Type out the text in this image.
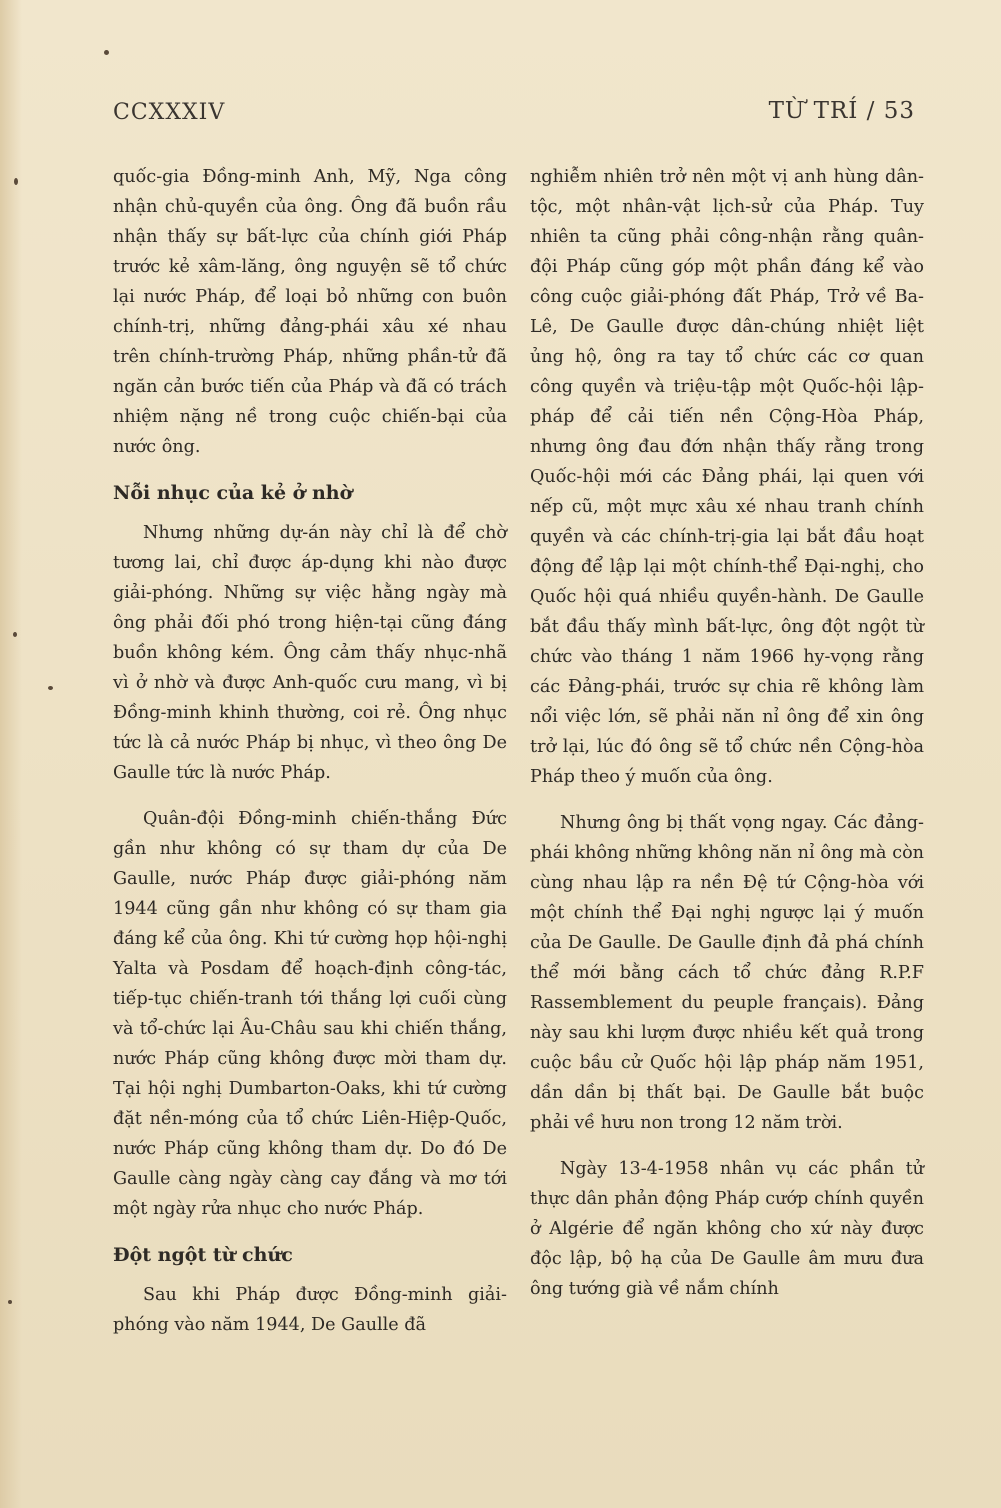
CCXXXIV	TỪ TRÍ / 53

quốc-gia Đồng-minh Anh, Mỹ, Nga công nhận chủ-quyền của ông. Ông đã buồn rầu nhận thấy sự bất-lực của chính giới Pháp trước kẻ xâm-lăng, ông nguyện sẽ tổ chức lại nước Pháp, để loại bỏ những con buôn chính-trị, những đảng-phái xâu xé nhau trên chính-trường Pháp, những phần-tử đã ngăn cản bước tiến của Pháp và đã có trách nhiệm nặng nề trong cuộc chiến-bại của nước ông.

Nỗi nhục của kẻ ở nhờ

Nhưng những dự-án này chỉ là để chờ tương lai, chỉ được áp-dụng khi nào được giải-phóng. Những sự việc hằng ngày mà ông phải đối phó trong hiện-tại cũng đáng buồn không kém. Ông cảm thấy nhục-nhã vì ở nhờ và được Anh-quốc cưu mang, vì bị Đồng-minh khinh thường, coi rẻ. Ông nhục tức là cả nước Pháp bị nhục, vì theo ông De Gaulle tức là nước Pháp.

Quân-đội Đồng-minh chiến-thắng Đức gần như không có sự tham dự của De Gaulle, nước Pháp được giải-phóng năm 1944 cũng gần như không có sự tham gia đáng kể của ông. Khi tứ cường họp hội-nghị Yalta và Posdam để hoạch-định công-tác, tiếp-tục chiến-tranh tới thắng lợi cuối cùng và tổ-chức lại Âu-Châu sau khi chiến thắng, nước Pháp cũng không được mời tham dự. Tại hội nghị Dumbarton-Oaks, khi tứ cường đặt nền-móng của tổ chức Liên-Hiệp-Quốc, nước Pháp cũng không tham dự. Do đó De Gaulle càng ngày càng cay đắng và mơ tới một ngày rửa nhục cho nước Pháp.

Đột ngột từ chức

Sau khi Pháp được Đồng-minh giải-phóng vào năm 1944, De Gaulle đã

nghiễm nhiên trở nên một vị anh hùng dân-tộc, một nhân-vật lịch-sử của Pháp. Tuy nhiên ta cũng phải công-nhận rằng quân-đội Pháp cũng góp một phần đáng kể vào công cuộc giải-phóng đất Pháp, Trở về Ba-Lê, De Gaulle được dân-chúng nhiệt liệt ủng hộ, ông ra tay tổ chức các cơ quan công quyền và triệu-tập một Quốc-hội lập-pháp để cải tiến nền Cộng-Hòa Pháp, nhưng ông đau đớn nhận thấy rằng trong Quốc-hội mới các Đảng phái, lại quen với nếp cũ, một mực xâu xé nhau tranh chính quyền và các chính-trị-gia lại bắt đầu hoạt động để lập lại một chính-thể Đại-nghị, cho Quốc hội quá nhiều quyền-hành. De Gaulle bắt đầu thấy mình bất-lực, ông đột ngột từ chức vào tháng 1 năm 1966 hy-vọng rằng các Đảng-phái, trước sự chia rẽ không làm nổi việc lớn, sẽ phải năn nỉ ông để xin ông trở lại, lúc đó ông sẽ tổ chức nền Cộng-hòa Pháp theo ý muốn của ông.

Nhưng ông bị thất vọng ngay. Các đảng-phái không những không năn nỉ ông mà còn cùng nhau lập ra nền Đệ tứ Cộng-hòa với một chính thể Đại nghị ngược lại ý muốn của De Gaulle. De Gaulle định đả phá chính thể mới bằng cách tổ chức đảng R.P.F Rassemblement du peuple français). Đảng này sau khi lượm được nhiều kết quả trong cuộc bầu cử Quốc hội lập pháp năm 1951, dần dần bị thất bại. De Gaulle bắt buộc phải về hưu non trong 12 năm trời.

Ngày 13-4-1958 nhân vụ các phần tử thực dân phản động Pháp cướp chính quyền ở Algérie để ngăn không cho xứ này được độc lập, bộ hạ của De Gaulle âm mưu đưa ông tướng già về nắm chính
